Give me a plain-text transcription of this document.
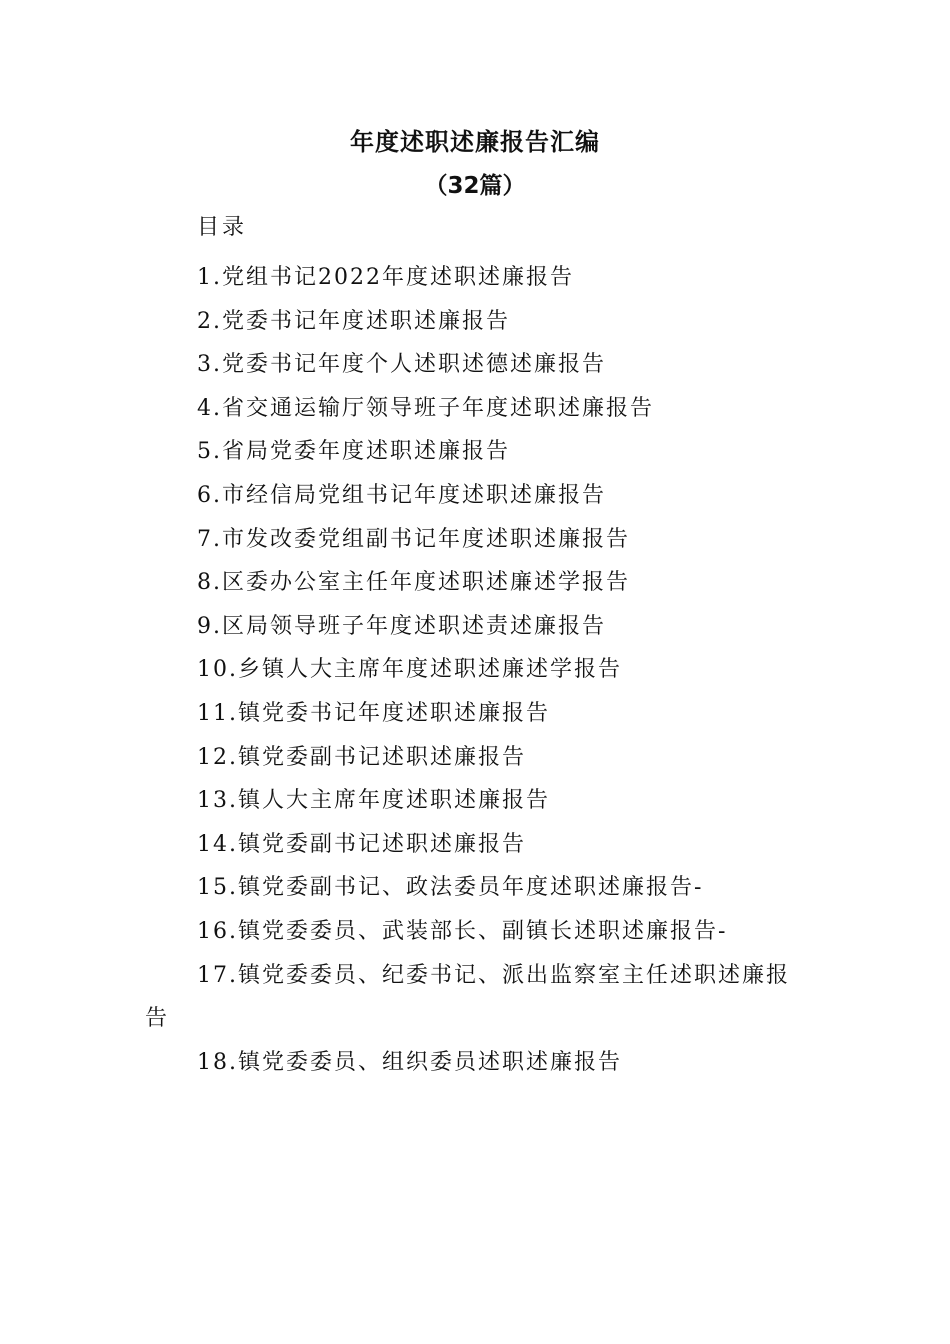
年度述职述廉报告汇编
（32篇）
目录
1.党组书记2022年度述职述廉报告
2.党委书记年度述职述廉报告
3.党委书记年度个人述职述德述廉报告
4.省交通运输厅领导班子年度述职述廉报告
5.省局党委年度述职述廉报告
6.市经信局党组书记年度述职述廉报告
7.市发改委党组副书记年度述职述廉报告
8.区委办公室主任年度述职述廉述学报告
9.区局领导班子年度述职述责述廉报告
10.乡镇人大主席年度述职述廉述学报告
11.镇党委书记年度述职述廉报告
12.镇党委副书记述职述廉报告
13.镇人大主席年度述职述廉报告
14.镇党委副书记述职述廉报告
15.镇党委副书记、政法委员年度述职述廉报告-
16.镇党委委员、武装部长、副镇长述职述廉报告-
17.镇党委委员、纪委书记、派出监察室主任述职述廉报告
18.镇党委委员、组织委员述职述廉报告
